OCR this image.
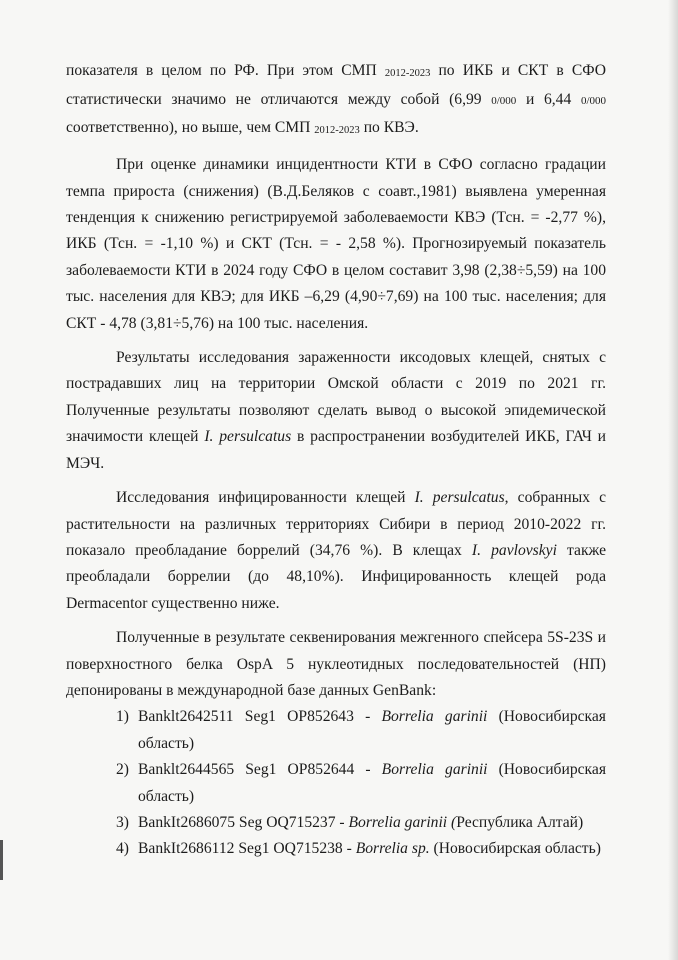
показателя в целом по РФ. При этом СМП $_{2012-2023}$ по ИКБ и СКТ в СФО статистически значимо не отличаются между собой (6,99 0/000 и 6,44 0/000 соответственно), но выше, чем СМП $_{2012-2023}$ по КВЭ.

При оценке динамики инцидентности КТИ в СФО согласно градации темпа прироста (снижения) (В.Д.Беляков с соавт.,1981) выявлена умеренная тенденция к снижению регистрируемой заболеваемости КВЭ (Тсн. = -2,77 %), ИКБ (Тсн. = -1,10 %) и СКТ (Тсн. = - 2,58 %). Прогнозируемый показатель заболеваемости КТИ в 2024 году СФО в целом составит 3,98 (2,38÷5,59) на 100 тыс. населения для КВЭ; для ИКБ –6,29 (4,90÷7,69) на 100 тыс. населения; для СКТ - 4,78 (3,81÷5,76) на 100 тыс. населения.

Результаты исследования зараженности иксодовых клещей, снятых с пострадавших лиц на территории Омской области с 2019 по 2021 гг. Полученные результаты позволяют сделать вывод о высокой эпидемической значимости клещей I. persulcatus в распространении возбудителей ИКБ, ГАЧ и МЭЧ.

Исследования инфицированности клещей I. persulcatus, собранных с растительности на различных территориях Сибири в период 2010-2022 гг. показало преобладание боррелий (34,76 %). В клещах I. pavlovskyi также преобладали боррелии (до 48,10%). Инфицированность клещей рода Dermacentor существенно ниже.

Полученные в результате секвенирования межгенного спейсера 5S-23S и поверхностного белка OspA 5 нуклеотидных последовательностей (НП) депонированы в международной базе данных GenBank:

1) Banklt2642511 Seg1 OP852643 - Borrelia garinii (Новосибирская область)
2) Banklt2644565 Seg1 OP852644 - Borrelia garinii (Новосибирская область)
3) BankIt2686075 Seg OQ715237 - Borrelia garinii (Республика Алтай)
4) BankIt2686112 Seg1 OQ715238 - Borrelia sp. (Новосибирская область)
